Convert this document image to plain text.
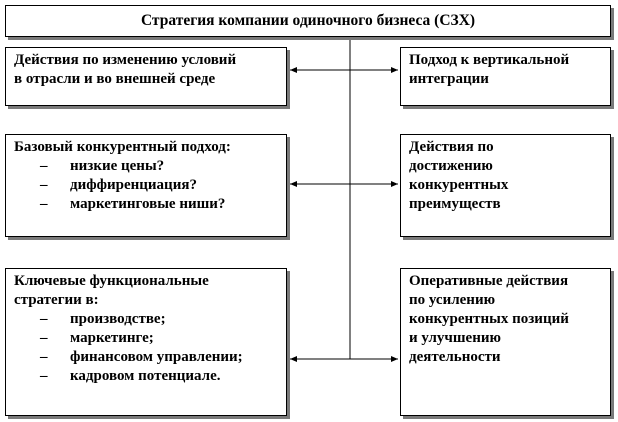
Стратегия компании одиночного бизнеса (СЗХ)

Действия по изменению условий

в отрасли и во внешней среде

Базовый конкурентный подход:

– низкие цены?
– диффиренциация?
– маркетинговые ниши?

Ключевые функциональные

стратегии в:

– производстве;
– маркетинге;
– финансовом управлении;
– кадровом потенциале.

Подход к вертикальной

интеграции

Действия по

достижению

конкурентных

преимуществ

Оперативные действия

по усилению

конкурентных позиций

и улучшению

деятельности
